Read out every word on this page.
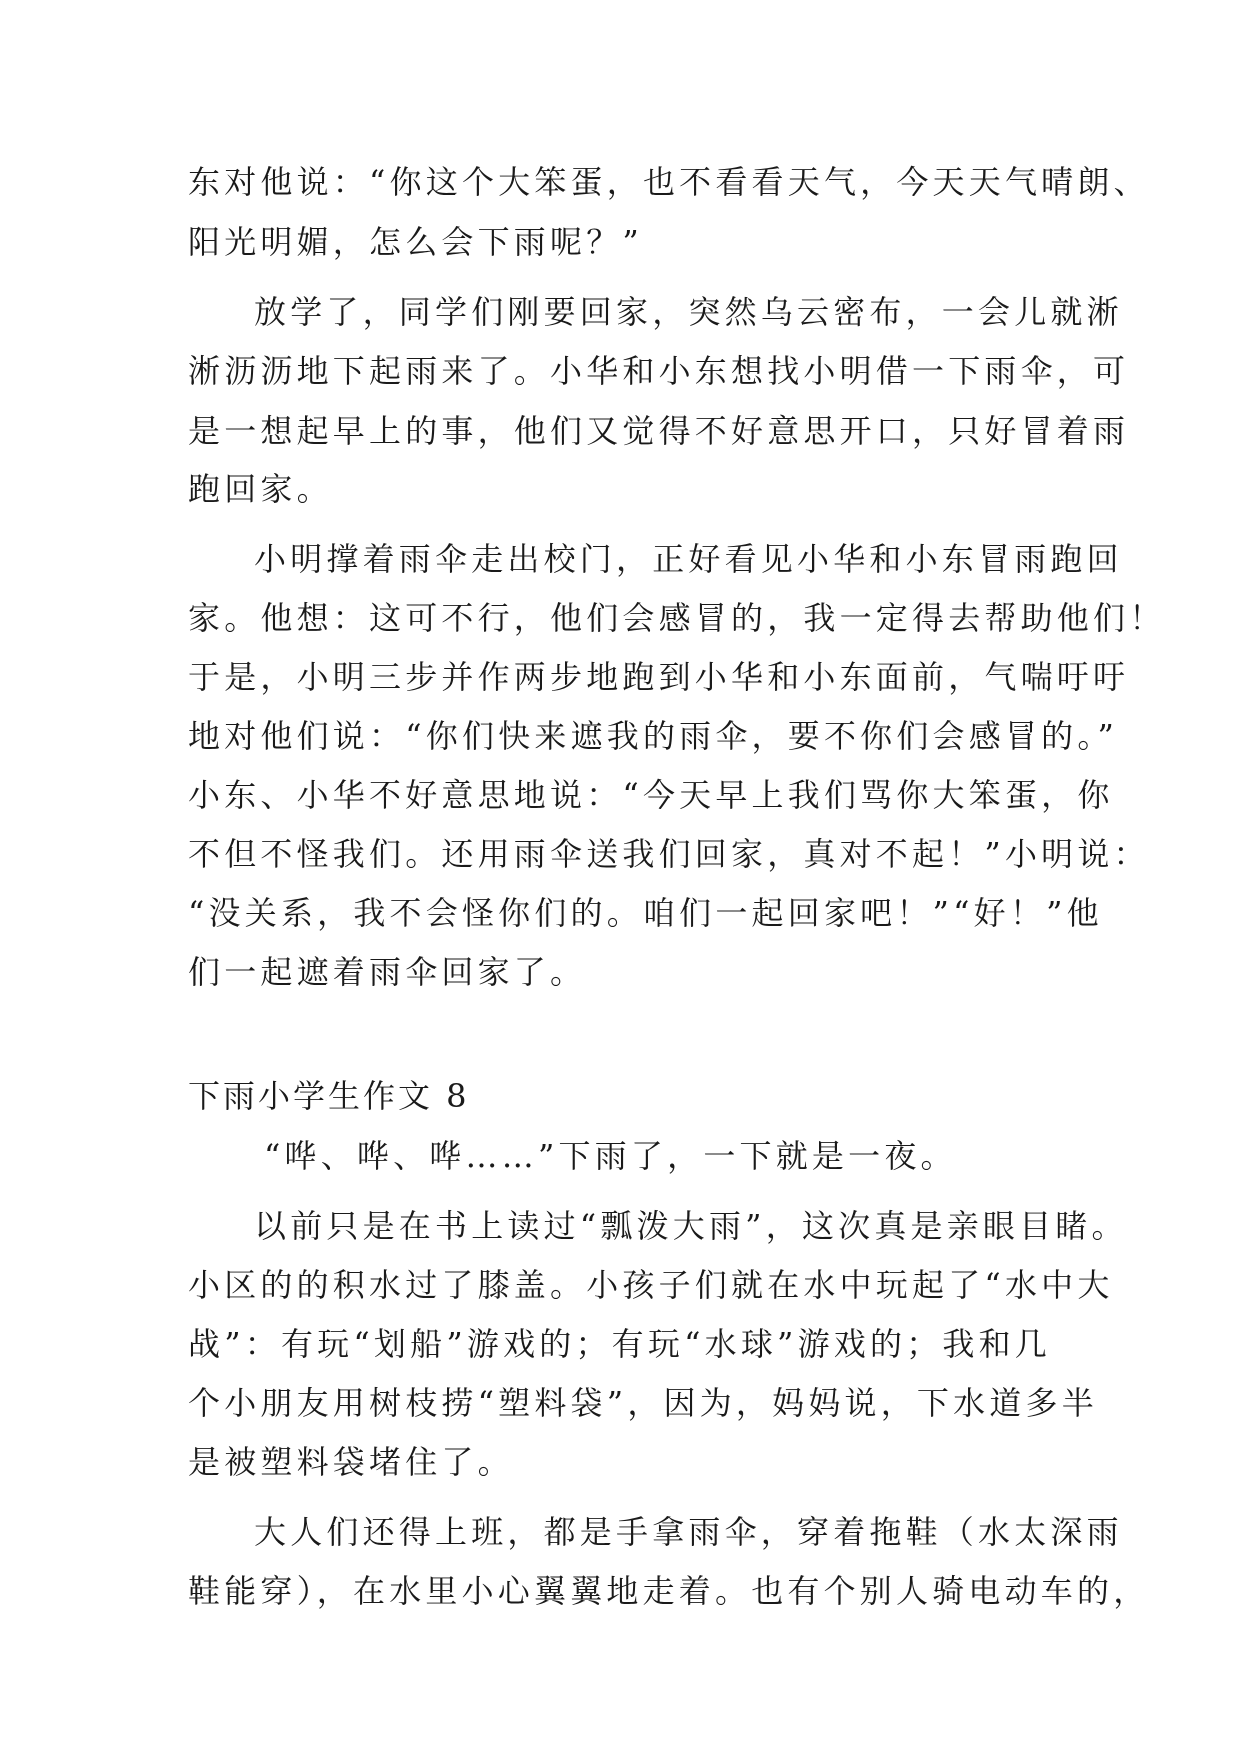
东对他说：“你这个大笨蛋，也不看看天气，今天天气晴朗、
阳光明媚，怎么会下雨呢？”
放学了，同学们刚要回家，突然乌云密布，一会儿就淅
淅沥沥地下起雨来了。小华和小东想找小明借一下雨伞，可
是一想起早上的事，他们又觉得不好意思开口，只好冒着雨
跑回家。
小明撑着雨伞走出校门，正好看见小华和小东冒雨跑回
家。他想：这可不行，他们会感冒的，我一定得去帮助他们！
于是，小明三步并作两步地跑到小华和小东面前，气喘吁吁
地对他们说：“你们快来遮我的雨伞，要不你们会感冒的。”
小东、小华不好意思地说：“今天早上我们骂你大笨蛋，你
不但不怪我们。还用雨伞送我们回家，真对不起！”小明说：
“没关系，我不会怪你们的。咱们一起回家吧！”“好！”他
们一起遮着雨伞回家了。
下雨小学生作文 8
“哗、哗、哗……”下雨了，一下就是一夜。
以前只是在书上读过“瓢泼大雨”，这次真是亲眼目睹。
小区的的积水过了膝盖。小孩子们就在水中玩起了“水中大
战”：有玩“划船”游戏的；有玩“水球”游戏的；我和几
个小朋友用树枝捞“塑料袋”，因为，妈妈说，下水道多半
是被塑料袋堵住了。
大人们还得上班，都是手拿雨伞，穿着拖鞋（水太深雨
鞋能穿），在水里小心翼翼地走着。也有个别人骑电动车的，
